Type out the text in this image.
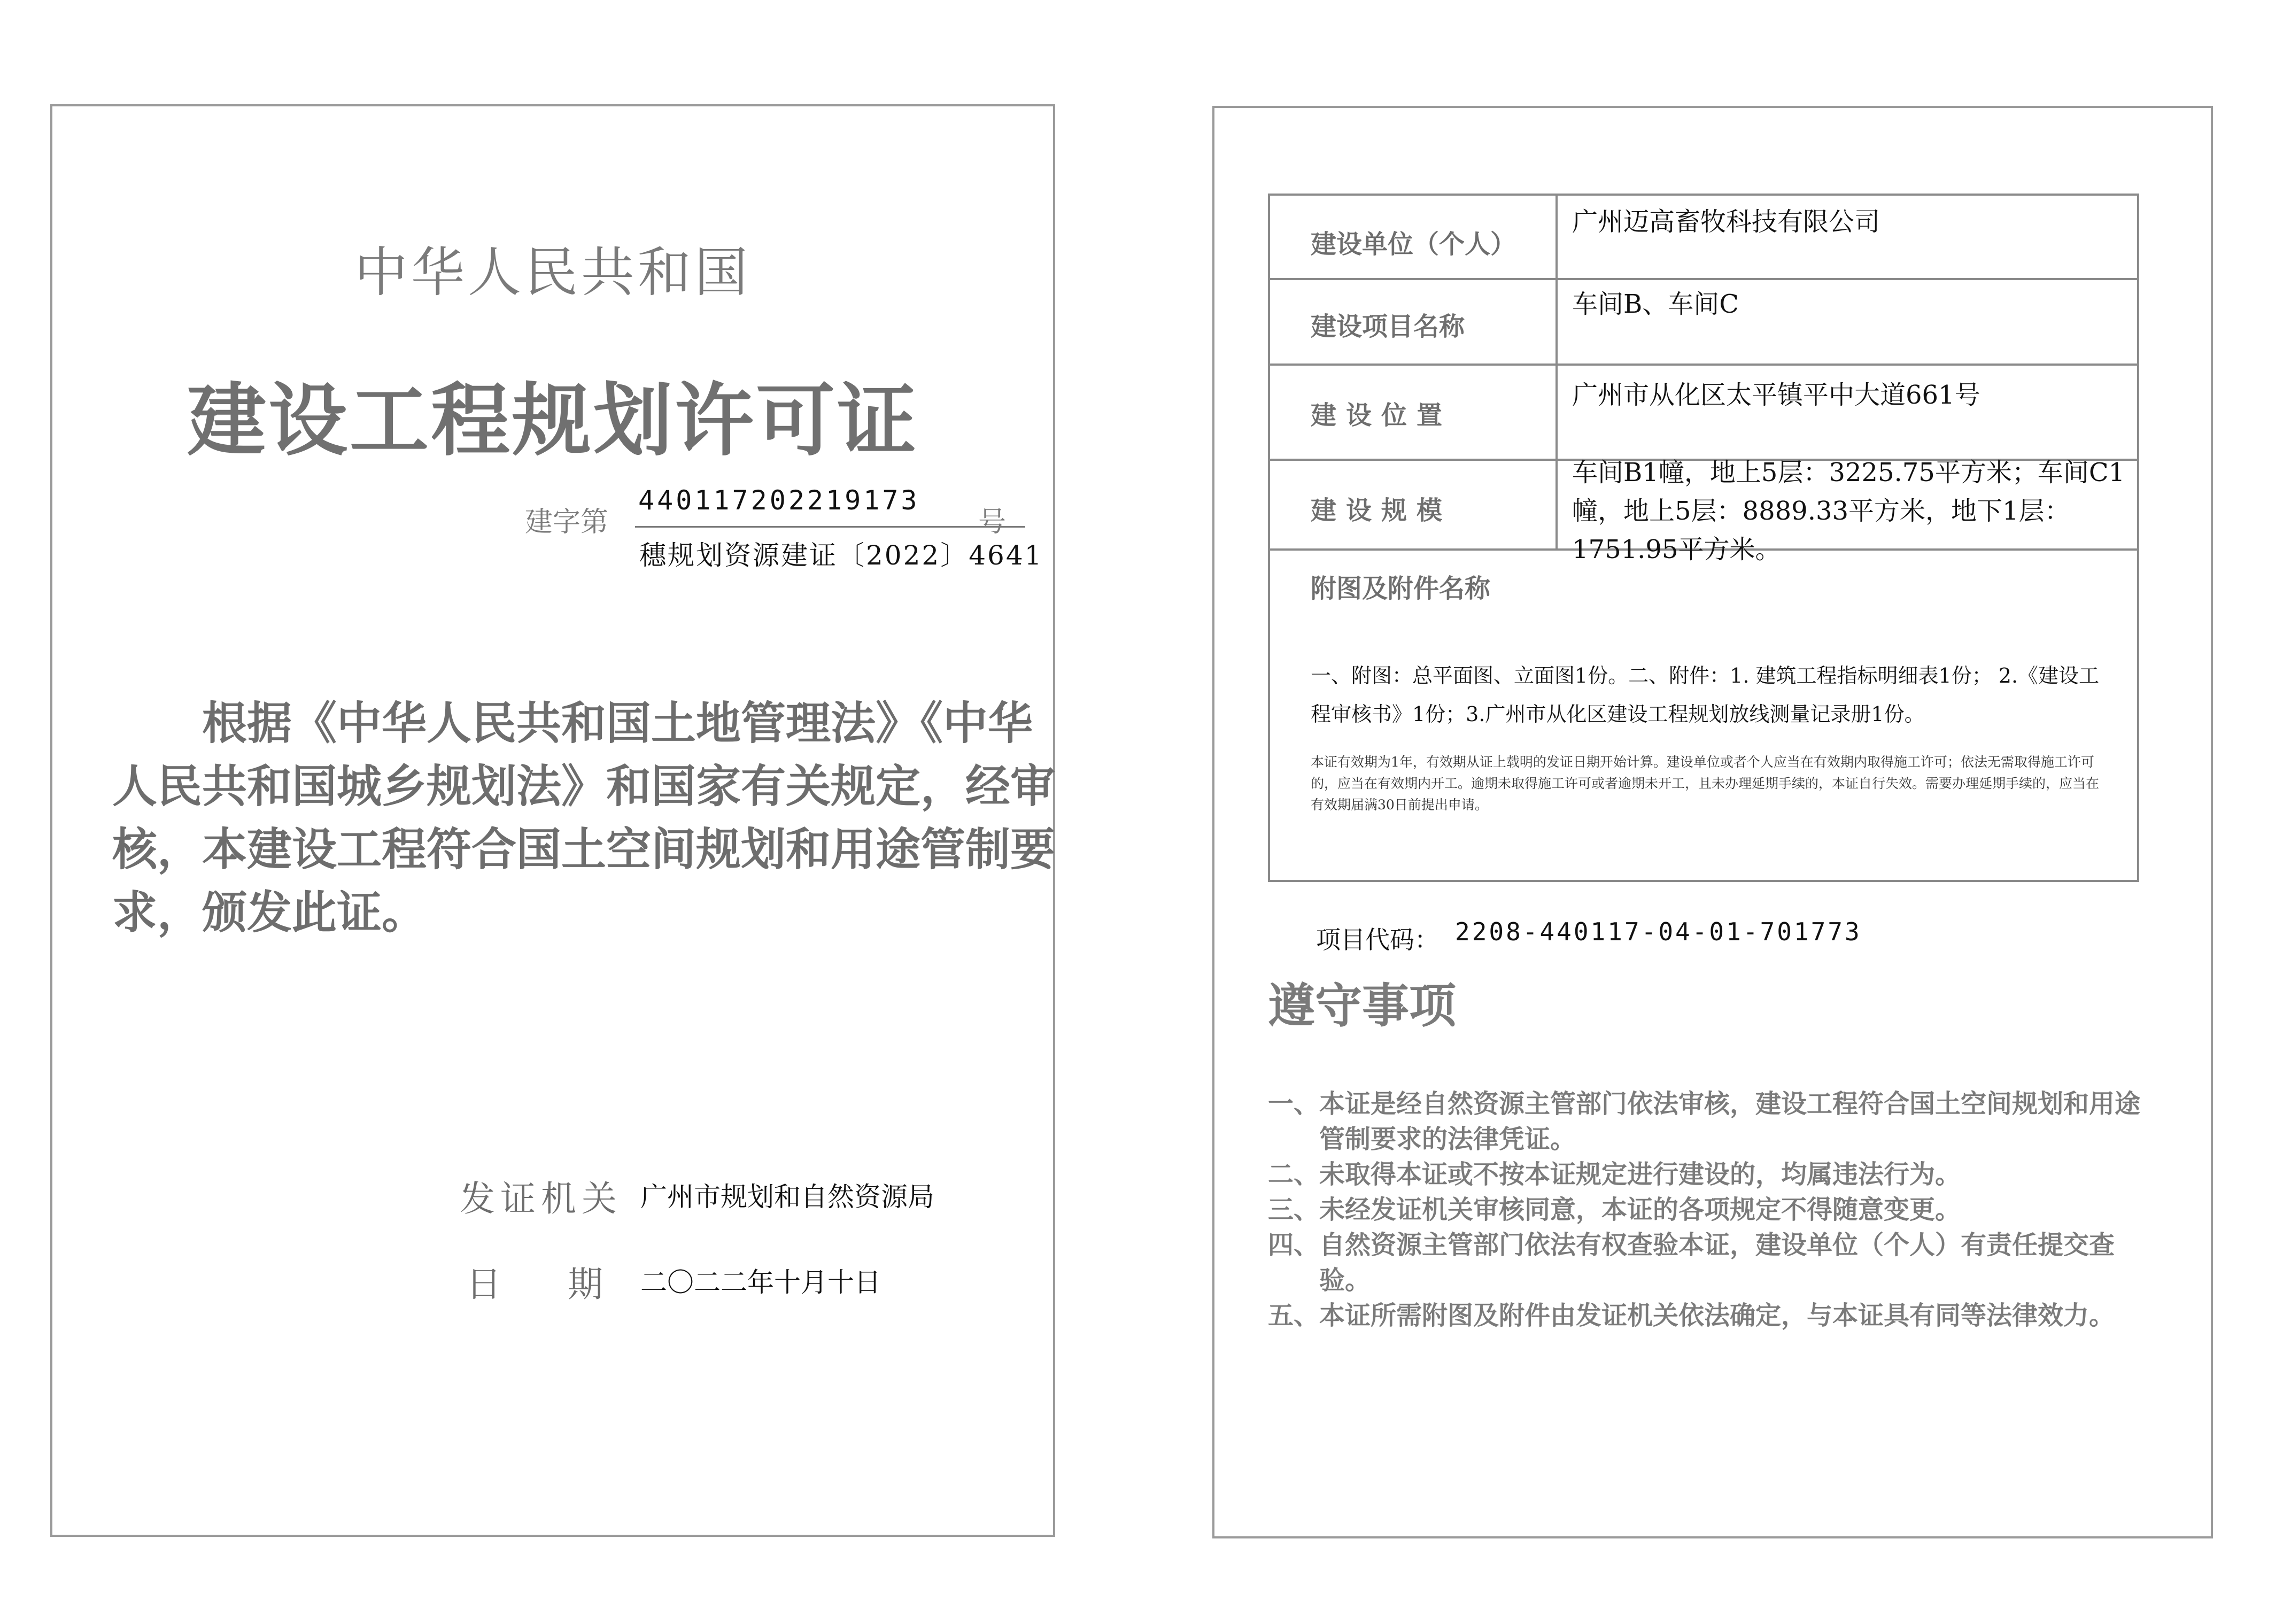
中华人民共和国
建设工程规划许可证
建字第
440117202219173
号
穗规划资源建证〔2022〕4641
根据《中华人民共和国土地管理法》《中华人民共和国城乡规划法》和国家有关规定，经审核，本建设工程符合国土空间规划和用途管制要求，颁发此证。
发证机关 广州市规划和自然资源局
日 期 二〇二二年十月十日
建设单位（个人）
广州迈高畜牧科技有限公司
建设项目名称
车间B、车间C
建设位置
广州市从化区太平镇平中大道661号
建设规模
车间B1幢，地上5层：3225.75平方米；车间C1幢，地上5层：8889.33平方米，地下1层：1751.95平方米。
附图及附件名称
一、附图：总平面图、立面图1份。二、附件：1. 建筑工程指标明细表1份； 2.《建设工程审核书》1份；3.广州市从化区建设工程规划放线测量记录册1份。
本证有效期为1年，有效期从证上载明的发证日期开始计算。建设单位或者个人应当在有效期内取得施工许可；依法无需取得施工许可的，应当在有效期内开工。逾期未取得施工许可或者逾期未开工，且未办理延期手续的，本证自行失效。需要办理延期手续的，应当在有效期届满30日前提出申请。
项目代码： 2208-440117-04-01-701773
遵守事项
一、 本证是经自然资源主管部门依法审核，建设工程符合国土空间规划和用途管制要求的法律凭证。
二、 未取得本证或不按本证规定进行建设的，均属违法行为。
三、 未经发证机关审核同意，本证的各项规定不得随意变更。
四、 自然资源主管部门依法有权查验本证，建设单位（个人）有责任提交查验。
五、 本证所需附图及附件由发证机关依法确定，与本证具有同等法律效力。
